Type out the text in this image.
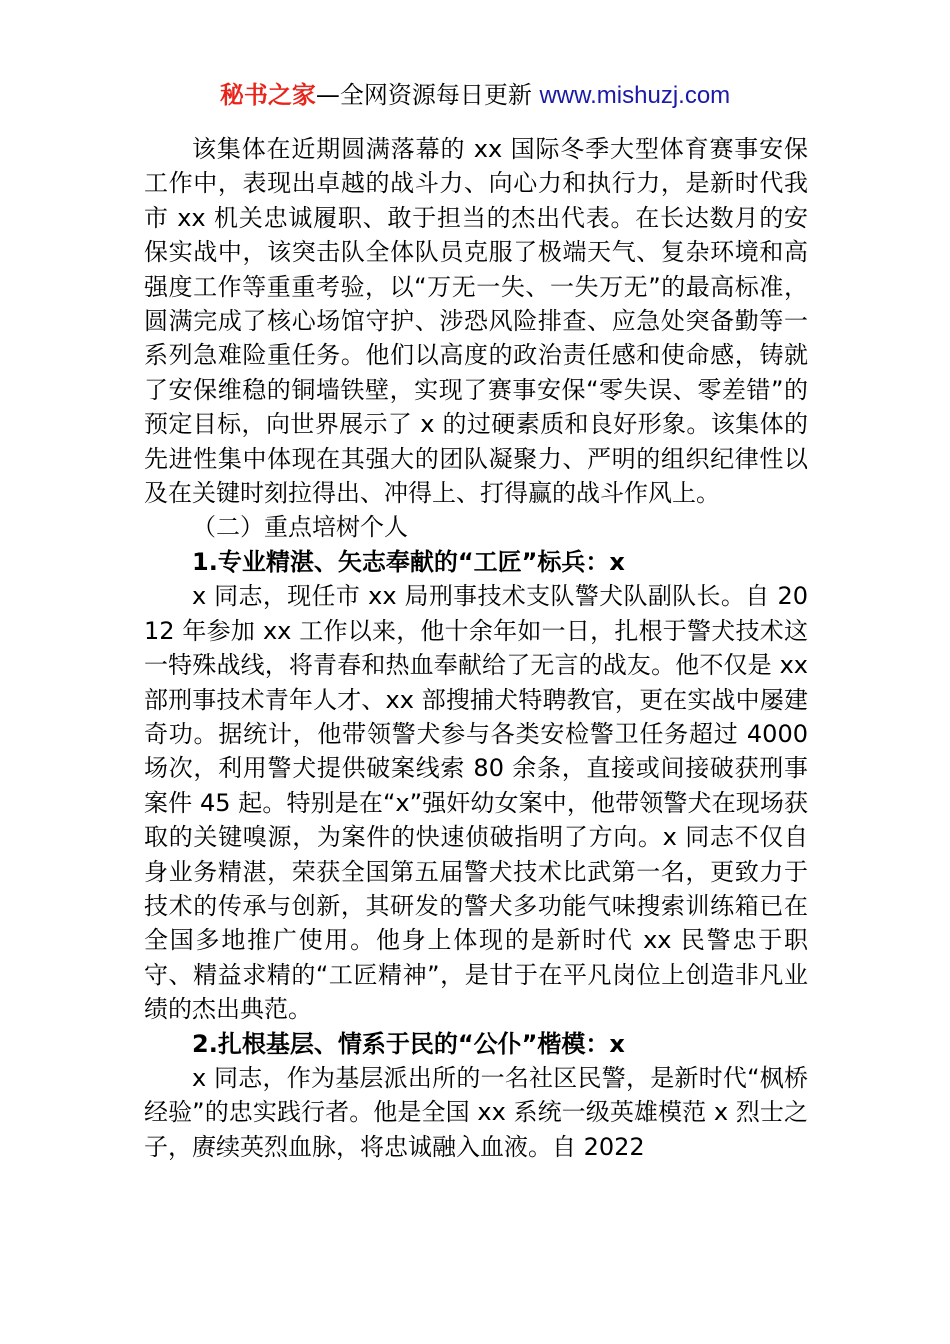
秘书之家—全网资源每日更新 www.mishuzj.com

该集体在近期圆满落幕的 xx 国际冬季大型体育赛事安保工作中，表现出卓越的战斗力、向心力和执行力，是新时代我市 xx 机关忠诚履职、敢于担当的杰出代表。在长达数月的安保实战中，该突击队全体队员克服了极端天气、复杂环境和高强度工作等重重考验，以“万无一失、一失万无”的最高标准，圆满完成了核心场馆守护、涉恐风险排查、应急处突备勤等一系列急难险重任务。他们以高度的政治责任感和使命感，铸就了安保维稳的铜墙铁壁，实现了赛事安保“零失误、零差错”的预定目标，向世界展示了 x 的过硬素质和良好形象。该集体的先进性集中体现在其强大的团队凝聚力、严明的组织纪律性以及在关键时刻拉得出、冲得上、打得赢的战斗作风上。

（二）重点培树个人

1.专业精湛、矢志奉献的“工匠”标兵：x

x 同志，现任市 xx 局刑事技术支队警犬队副队长。自 2012 年参加 xx 工作以来，他十余年如一日，扎根于警犬技术这一特殊战线，将青春和热血奉献给了无言的战友。他不仅是 xx 部刑事技术青年人才、xx 部搜捕犬特聘教官，更在实战中屡建奇功。据统计，他带领警犬参与各类安检警卫任务超过 4000 场次，利用警犬提供破案线索 80 余条，直接或间接破获刑事案件 45 起。特别是在“x”强奸幼女案中，他带领警犬在现场获取的关键嗅源，为案件的快速侦破指明了方向。x 同志不仅自身业务精湛，荣获全国第五届警犬技术比武第一名，更致力于技术的传承与创新，其研发的警犬多功能气味搜索训练箱已在全国多地推广使用。他身上体现的是新时代 xx 民警忠于职守、精益求精的“工匠精神”，是甘于在平凡岗位上创造非凡业绩的杰出典范。

2.扎根基层、情系于民的“公仆”楷模：x

x 同志，作为基层派出所的一名社区民警，是新时代“枫桥经验”的忠实践行者。他是全国 xx 系统一级英雄模范 x 烈士之子，赓续英烈血脉，将忠诚融入血液。自 2022
